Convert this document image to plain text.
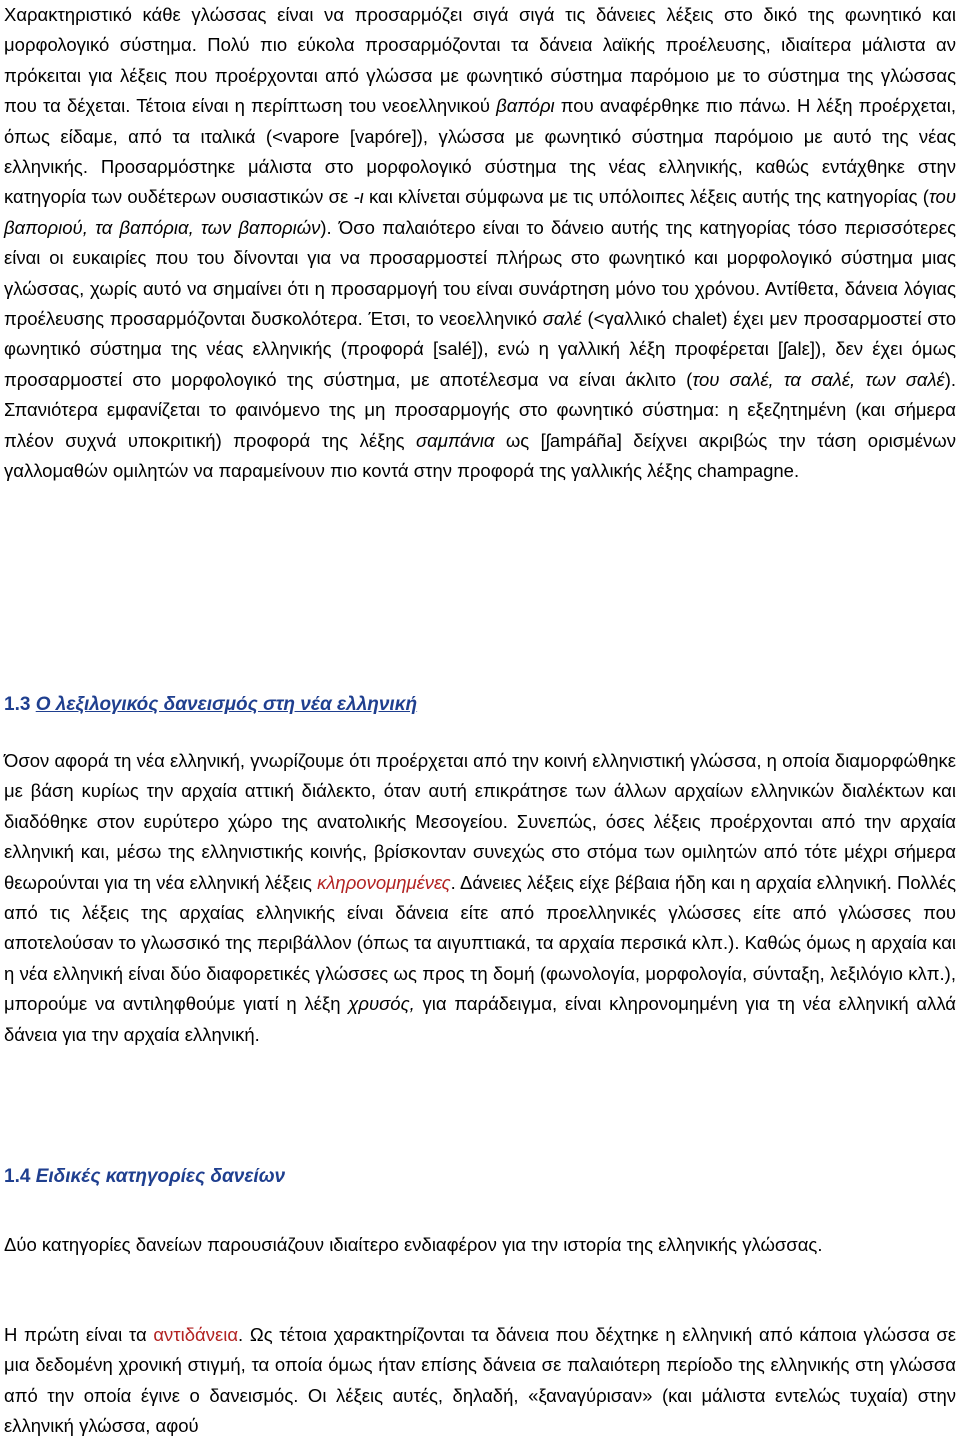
Χαρακτηριστικό κάθε γλώσσας είναι να προσαρμόζει σιγά σιγά τις δάνειες λέξεις στο δικό της φωνητικό και μορφολογικό σύστημα. Πολύ πιο εύκολα προσαρμόζονται τα δάνεια λαϊκής προέλευσης, ιδιαίτερα μάλιστα αν πρόκειται για λέξεις που προέρχονται από γλώσσα με φωνητικό σύστημα παρόμοιο με το σύστημα της γλώσσας που τα δέχεται. Τέτοια είναι η περίπτωση του νεοελληνικού βαπόρι που αναφέρθηκε πιο πάνω. Η λέξη προέρχεται, όπως είδαμε, από τα ιταλικά (<vapore [vapóre]), γλώσσα με φωνητικό σύστημα παρόμοιο με αυτό της νέας ελληνικής. Προσαρμόστηκε μάλιστα στο μορφολογικό σύστημα της νέας ελληνικής, καθώς εντάχθηκε στην κατηγορία των ουδέτερων ουσιαστικών σε -ι και κλίνεται σύμφωνα με τις υπόλοιπες λέξεις αυτής της κατηγορίας (του βαποριού, τα βαπόρια, των βαποριών). Όσο παλαιότερο είναι το δάνειο αυτής της κατηγορίας τόσο περισσότερες είναι οι ευκαιρίες που του δίνονται για να προσαρμοστεί πλήρως στο φωνητικό και μορφολογικό σύστημα μιας γλώσσας, χωρίς αυτό να σημαίνει ότι η προσαρμογή του είναι συνάρτηση μόνο του χρόνου. Αντίθετα, δάνεια λόγιας προέλευσης προσαρμόζονται δυσκολότερα. Έτσι, το νεοελληνικό σαλέ (<γαλλικό chalet) έχει μεν προσαρμοστεί στο φωνητικό σύστημα της νέας ελληνικής (προφορά [salé]), ενώ η γαλλική λέξη προφέρεται [ʃalε]), δεν έχει όμως προσαρμοστεί στο μορφολογικό της σύστημα, με αποτέλεσμα να είναι άκλιτο (του σαλέ, τα σαλέ, των σαλέ). Σπανιότερα εμφανίζεται το φαινόμενο της μη προσαρμογής στο φωνητικό σύστημα: η εξεζητημένη (και σήμερα πλέον συχνά υποκριτική) προφορά της λέξης σαμπάνια ως [ʃampáña] δείχνει ακριβώς την τάση ορισμένων γαλλομαθών ομιλητών να παραμείνουν πιο κοντά στην προφορά της γαλλικής λέξης champagne.

1.3 Ο λεξιλογικός δανεισμός στη νέα ελληνική

Όσον αφορά τη νέα ελληνική, γνωρίζουμε ότι προέρχεται από την κοινή ελληνιστική γλώσσα, η οποία διαμορφώθηκε με βάση κυρίως την αρχαία αττική διάλεκτο, όταν αυτή επικράτησε των άλλων αρχαίων ελληνικών διαλέκτων και διαδόθηκε στον ευρύτερο χώρο της ανατολικής Μεσογείου. Συνεπώς, όσες λέξεις προέρχονται από την αρχαία ελληνική και, μέσω της ελληνιστικής κοινής, βρίσκονταν συνεχώς στο στόμα των ομιλητών από τότε μέχρι σήμερα θεωρούνται για τη νέα ελληνική λέξεις κληρονομημένες. Δάνειες λέξεις είχε βέβαια ήδη και η αρχαία ελληνική. Πολλές από τις λέξεις της αρχαίας ελληνικής είναι δάνεια είτε από προελληνικές γλώσσες είτε από γλώσσες που αποτελούσαν το γλωσσικό της περιβάλλον (όπως τα αιγυπτιακά, τα αρχαία περσικά κλπ.). Καθώς όμως η αρχαία και η νέα ελληνική είναι δύο διαφορετικές γλώσσες ως προς τη δομή (φωνολογία, μορφολογία, σύνταξη, λεξιλόγιο κλπ.), μπορούμε να αντιληφθούμε γιατί η λέξη χρυσός, για παράδειγμα, είναι κληρονομημένη για τη νέα ελληνική αλλά δάνεια για την αρχαία ελληνική.

1.4 Ειδικές κατηγορίες δανείων

Δύο κατηγορίες δανείων παρουσιάζουν ιδιαίτερο ενδιαφέρον για την ιστορία της ελληνικής γλώσσας.

Η πρώτη είναι τα αντιδάνεια. Ως τέτοια χαρακτηρίζονται τα δάνεια που δέχτηκε η ελληνική από κάποια γλώσσα σε μια δεδομένη χρονική στιγμή, τα οποία όμως ήταν επίσης δάνεια σε παλαιότερη περίοδο της ελληνικής στη γλώσσα από την οποία έγινε ο δανεισμός. Οι λέξεις αυτές, δηλαδή, «ξαναγύρισαν» (και μάλιστα εντελώς τυχαία) στην ελληνική γλώσσα, αφού
